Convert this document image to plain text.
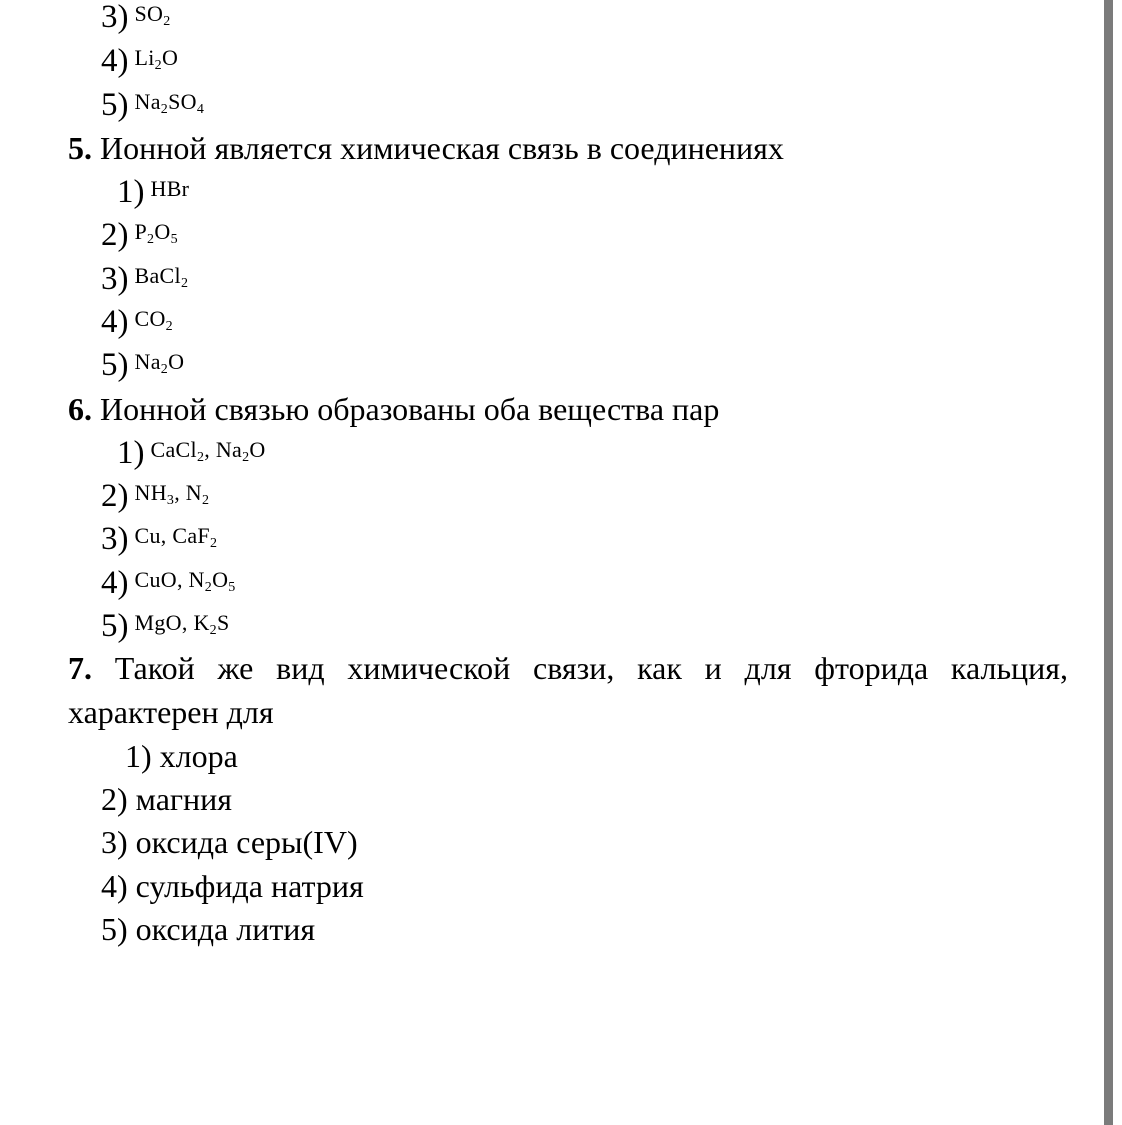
3) $SO_2$
4) $Li_2O$
5) $Na_2SO_4$
5. Ионной является химическая связь в соединениях
1) HBr
2) $P_2O_5$
3) BaCl$_2$
4) $CO_2$
5) $Na_2O$
6. Ионной связью образованы оба вещества пар
1) CaCl$_2$, $Na_2O$
2) $NH_3$, $N_2$
3) Cu, CaF$_2$
4) CuO, $N_2O_5$
5) MgO, $K_2S$
7. Такой же вид химической связи, как и для фторида кальция, характерен для
1) хлора
2) магния
3) оксида серы(IV)
4) сульфида натрия
5) оксида лития
